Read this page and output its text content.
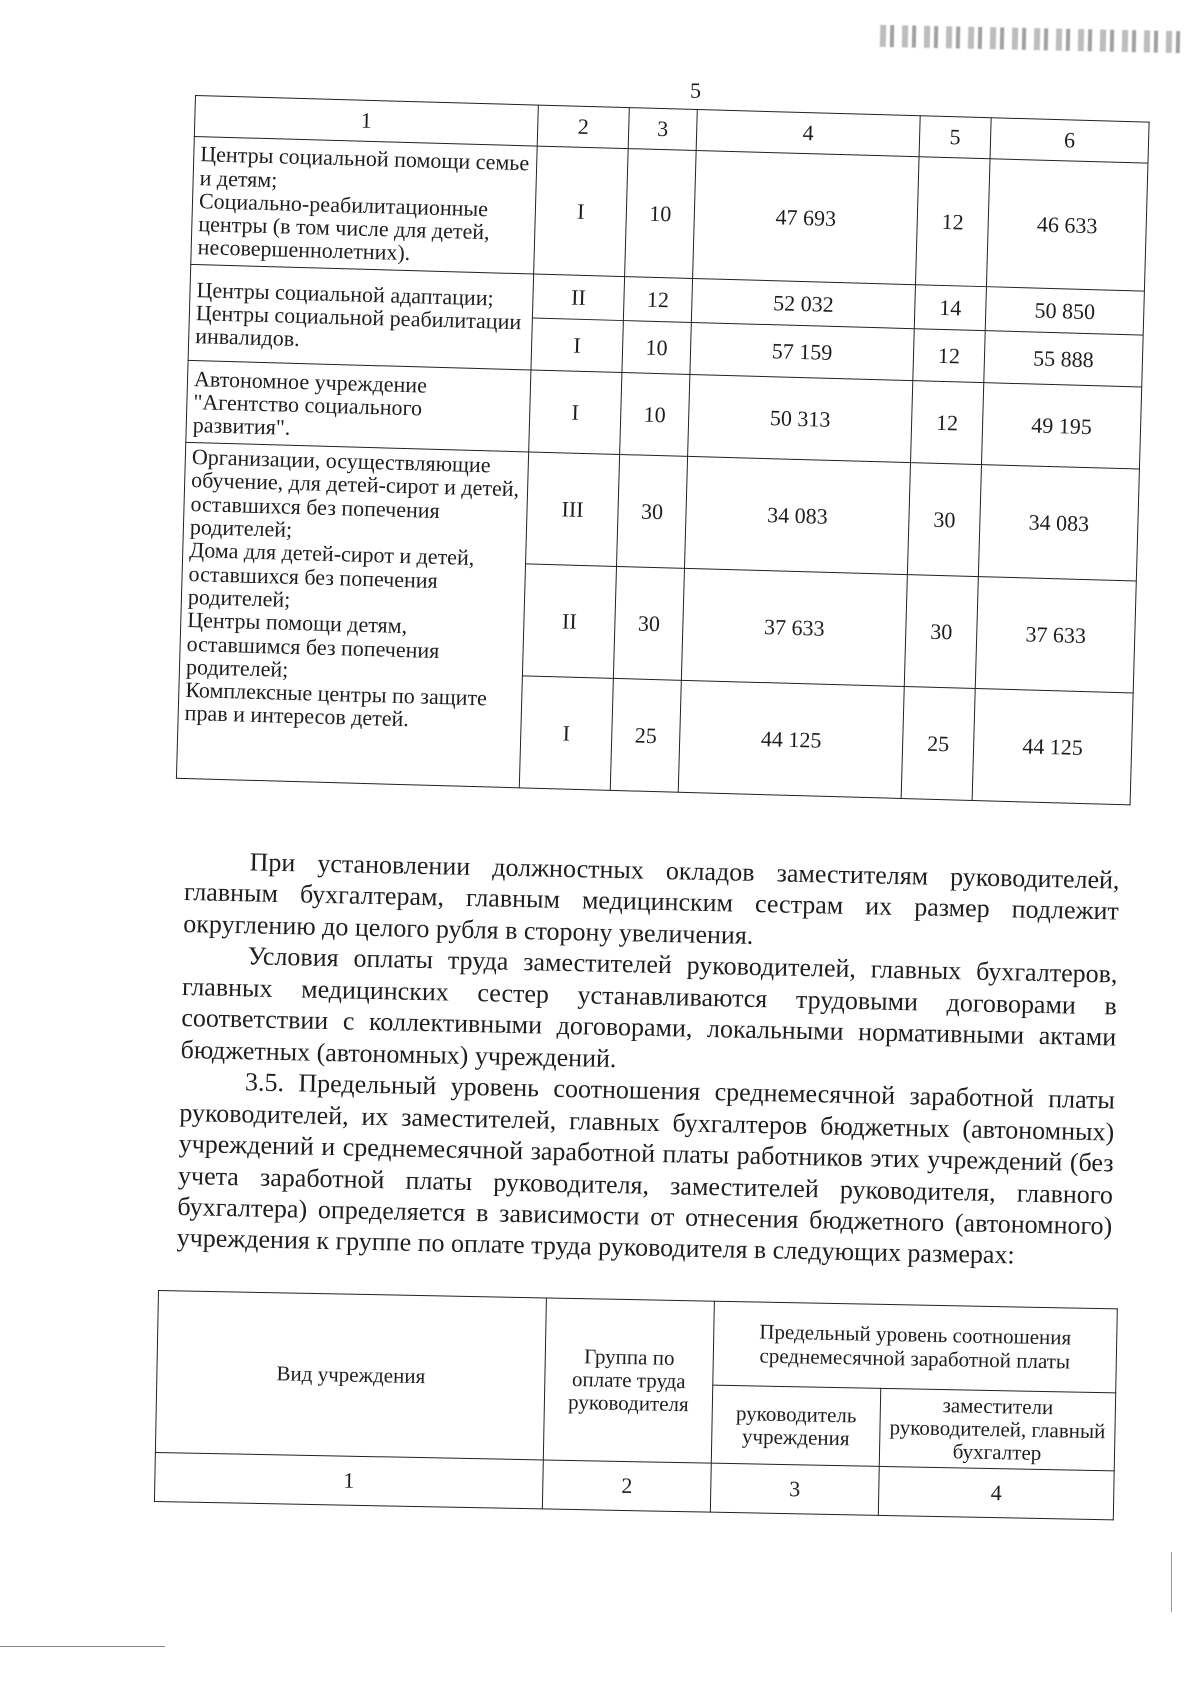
5
1	2	3	4	5	6

Центры социальной помощи семье и детям;
Социально-реабилитационные центры (в том числе для детей, несовершеннолетних).	I	10	47 693	12	46 633

Центры социальной адаптации;
Центры социальной реабилитации инвалидов.	II	12	52 032	14	50 850
	I	10	57 159	12	55 888

Автономное учреждение "Агентство социального развития".	I	10	50 313	12	49 195

Организации, осуществляющие обучение, для детей-сирот и детей, оставшихся без попечения родителей;
Дома для детей-сирот и детей, оставшихся без попечения родителей;
Центры помощи детям, оставшимся без попечения родителей;
Комплексные центры по защите прав и интересов детей.	III	30	34 083	30	34 083
	II	30	37 633	30	37 633
	I	25	44 125	25	44 125

При установлении должностных окладов заместителям руководителей, главным бухгалтерам, главным медицинским сестрам их размер подлежит округлению до целого рубля в сторону увеличения.

Условия оплаты труда заместителей руководителей, главных бухгалтеров, главных медицинских сестер устанавливаются трудовыми договорами в соответствии с коллективными договорами, локальными нормативными актами бюджетных (автономных) учреждений.

3.5. Предельный уровень соотношения среднемесячной заработной платы руководителей, их заместителей, главных бухгалтеров бюджетных (автономных) учреждений и среднемесячной заработной платы работников этих учреждений (без учета заработной платы руководителя, заместителей руководителя, главного бухгалтера) определяется в зависимости от отнесения бюджетного (автономного) учреждения к группе по оплате труда руководителя в следующих размерах:

Вид учреждения	Группа по оплате труда руководителя	Предельный уровень соотношения среднемесячной заработной платы	
		руководитель учреждения	заместители руководителей, главный бухгалтер
1	2	3	4
